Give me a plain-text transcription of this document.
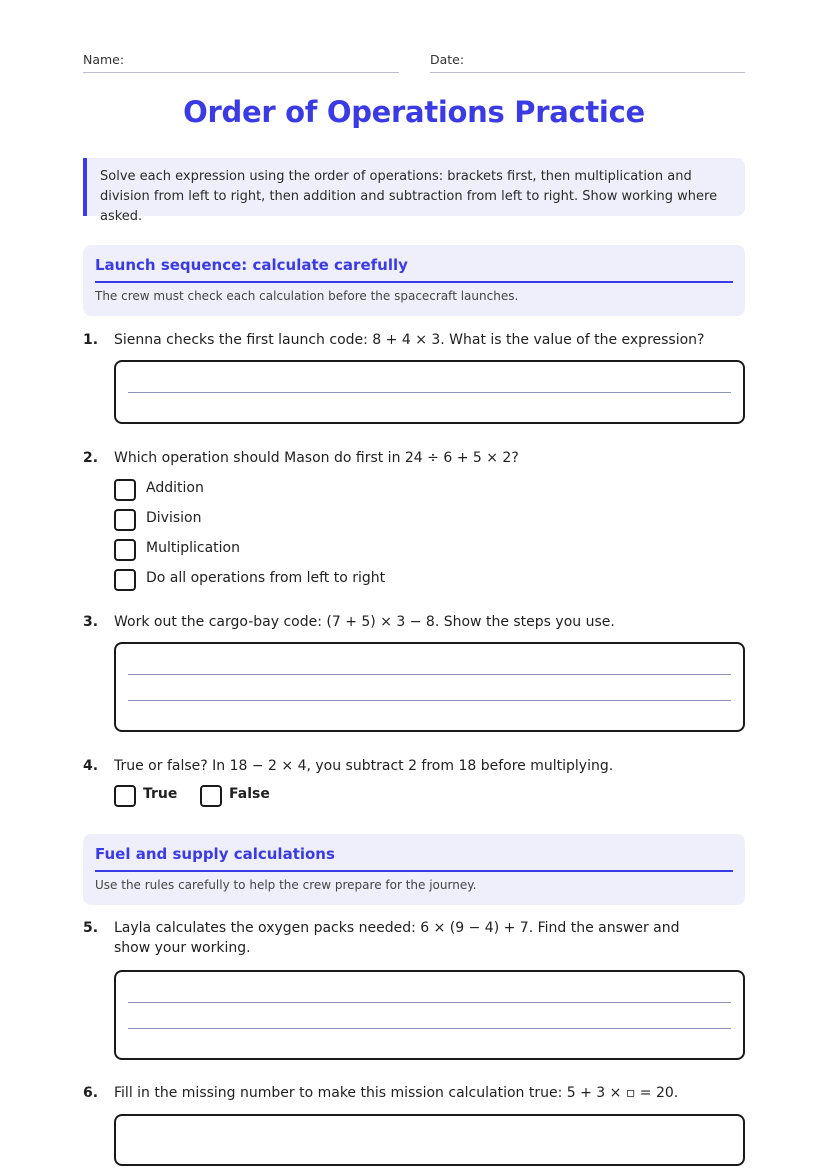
Name:	Date:
Order of Operations Practice
Solve each expression using the order of operations: brackets first, then multiplication and division from left to right, then addition and subtraction from left to right. Show working where asked.
Launch sequence: calculate carefully
The crew must check each calculation before the spacecraft launches.
1. Sienna checks the first launch code: 8 + 4 × 3. What is the value of the expression?
2. Which operation should Mason do first in 24 ÷ 6 + 5 × 2?
Addition
Division
Multiplication
Do all operations from left to right
3. Work out the cargo-bay code: (7 + 5) × 3 − 8. Show the steps you use.
4. True or false? In 18 − 2 × 4, you subtract 2 from 18 before multiplying.
True	False
Fuel and supply calculations
Use the rules carefully to help the crew prepare for the journey.
5. Layla calculates the oxygen packs needed: 6 × (9 − 4) + 7. Find the answer and show your working.
6. Fill in the missing number to make this mission calculation true: 5 + 3 × ▫ = 20.
